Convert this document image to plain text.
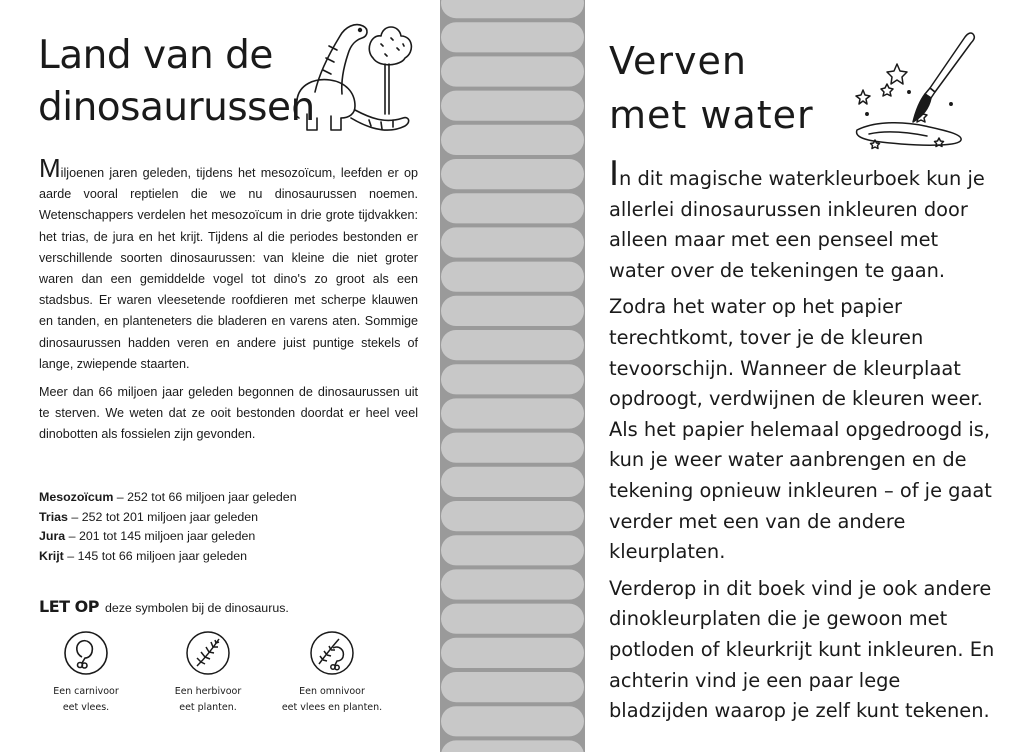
Land van de
dinosaurussen

Miljoenen jaren geleden, tijdens het mesozoïcum, leefden er op aarde vooral reptielen die we nu dinosaurussen noemen. Wetenschappers verdelen het mesozoïcum in drie grote tijdvakken: het trias, de jura en het krijt. Tijdens al die periodes bestonden er verschillende soorten dinosaurussen: van kleine die niet groter waren dan een gemiddelde vogel tot dino's zo groot als een stadsbus. Er waren vleesetende roofdieren met scherpe klauwen en tanden, en planteneters die bladeren en varens aten. Sommige dinosaurussen hadden veren en andere juist puntige stekels of lange, zwiepende staarten.

Meer dan 66 miljoen jaar geleden begonnen de dinosaurussen uit te sterven. We weten dat ze ooit bestonden doordat er heel veel dinobotten als fossielen zijn gevonden.

Mesozoïcum – 252 tot 66 miljoen jaar geleden
Trias – 252 tot 201 miljoen jaar geleden
Jura – 201 tot 145 miljoen jaar geleden
Krijt – 145 tot 66 miljoen jaar geleden
LET OP deze symbolen bij de dinosaurus.
Een carnivoor
eet vlees.
Een herbivoor
eet planten.
Een omnivoor
eet vlees en planten.
Verven
met water

In dit magische waterkleurboek kun je allerlei dinosaurussen inkleuren door alleen maar met een penseel met water over de tekeningen te gaan.

Zodra het water op het papier terechtkomt, tover je de kleuren tevoorschijn. Wanneer de kleurplaat opdroogt, verdwijnen de kleuren weer. Als het papier helemaal opgedroogd is, kun je weer water aanbrengen en de tekening opnieuw inkleuren – of je gaat verder met een van de andere kleurplaten.

Verderop in dit boek vind je ook andere dinokleurplaten die je gewoon met potloden of kleurkrijt kunt inkleuren. En achterin vind je een paar lege bladzijden waarop je zelf kunt tekenen.
